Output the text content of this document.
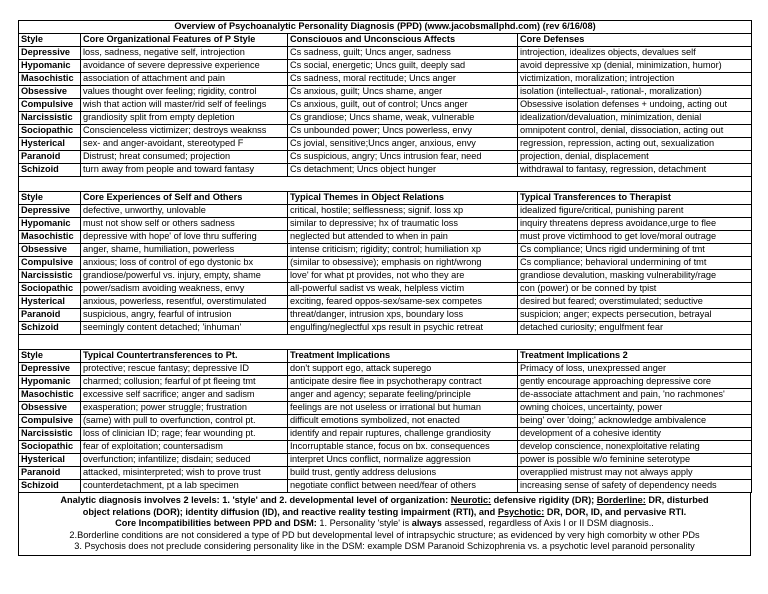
Overview of Psychoanalytic Personality Diagnosis (PPD) (www.jacobsmallphd.com) (rev 6/16/08)			
Style	Core Organizational Features of P Style	Consciouos and Unconscious Affects	Core Defenses
Depressive	loss, sadness, negative self, introjection	Cs sadness, guilt; Uncs anger, sadness	introjection, idealizes objects, devalues self
Hypomanic	avoidance of severe depressive experience	Cs social, energetic; Uncs guilt, deeply sad	avoid depressive xp (denial, minimization, humor)
Masochistic	association of attachment and pain	Cs sadness, moral rectitude; Uncs anger	victimization, moralization; introjection
Obsessive	values thought over feeling; rigidity, control	Cs anxious, guilt; Uncs shame, anger	isolation (intellectual-, rational-, moralization)
Compulsive	wish that action will master/rid self of feelings	Cs anxious, guilt, out of control; Uncs anger	Obsessive isolation defenses + undoing, acting out
Narcissistic	grandiosity split from empty depletion	Cs grandiose; Uncs shame, weak, vulnerable	idealization/devaluation, minimization, denial
Sociopathic	Conscienceless victimizer; destroys weaknss	Cs unbounded power; Uncs powerless, envy	omnipotent control, denial, dissociation, acting out
Hysterical	sex- and anger-avoidant, stereotyped F	Cs jovial, sensitive;Uncs anger, anxious, envy	regression, repression, acting out, sexualization
Paranoid	Distrust; hreat consumed; projection	Cs suspicious, angry; Uncs intrusion fear, need	projection, denial, displacement
Schizoid	turn away from people and toward fantasy	Cs detachment; Uncs object hunger	withdrawal to fantasy, regression, detachment

Style	Core Experiences of Self and Others	Typical Themes in Object Relations	Typical Transferences to Therapist
Depressive	defective, unworthy, unlovable	critical, hostile; selflessness; signif. loss xp	idealized figure/critical, punishing parent
Hypomanic	must not show self or others sadness	similar to depressive; hx of traumatic loss	inquiry threatens depress avoidance,urge to flee
Masochistic	depressive with hope' of love thru suffering	neglected but attended to when in pain	must prove victimhood to get love/moral outrage
Obsessive	anger, shame, humiliation, powerless	intense criticism; rigidity; control; humiliation xp	Cs compliance; Uncs rigid undermining of tmt
Compulsive	anxious; loss of control of ego dystonic bx	(similar to obsessive); emphasis on right/wrong	Cs compliance; behavioral undermining of tmt
Narcissistic	grandiose/powerful vs. injury, empty, shame	love' for what pt provides, not who they are	grandiose devalution, masking vulnerability/rage
Sociopathic	power/sadism avoiding weakness, envy	all-powerful sadist vs weak, helpless victim	con (power) or be conned by tpist
Hysterical	anxious, powerless, resentful, overstimulated	exciting, feared oppos-sex/same-sex competes	desired but feared; overstimulated; seductive
Paranoid	suspicious, angry, fearful of intrusion	threat/danger, intrusion xps, boundary loss	suspicion; anger; expects persecution, betrayal
Schizoid	seemingly content detached; 'inhuman'	engulfing/neglectful xps result in psychic retreat	detached curiosity; engulfment fear

Style	Typical Countertransferences to Pt.	Treatment Implications	Treatment Implications 2
Depressive	protective; rescue fantasy; depressive ID	don't support ego, attack superego	Primacy of loss, unexpressed anger
Hypomanic	charmed; collusion; fearful of pt fleeing tmt	anticipate desire flee in psychotherapy contract	gently encourage approaching depressive core
Masochistic	excessive self sacrifice; anger and sadism	anger and agency; separate feeling/principle	de-associate attachment and pain, 'no rachmones'
Obsessive	exasperation; power struggle; frustration	feelings are not useless or irrational but human	owning choices, uncertainty, power
Compulsive	(same) with pull to overfunction, control pt.	difficult emotions symbolized, not enacted	being' over 'doing;' acknowledge ambivalence
Narcissistic	loss of clinician ID; rage; fear wounding pt.	identify and repair ruptures, challenge grandiosity	development of a cohesive identity
Sociopathic	fear of exploitation; countersadism	Incorruptable stance, focus on bx. consequences	develop conscience, nonexploitative relating
Hysterical	overfunction; infantilize; disdain; seduced	interpret Uncs conflict, normalize aggression	power is possible w/o feminine seterotype
Paranoid	attacked, misinterpreted; wish to prove trust	build trust, gently address delusions	overapplied mistrust may not always apply
Schizoid	counterdetachment, pt a lab specimen	negotiate conflict between need/fear of others	increasing sense of safety of dependency needs
Analytic diagnosis involves 2 levels: 1. 'style' and 2. developmental level of organization: Neurotic: defensive rigidity (DR); Borderline: DR, disturbed
object relations (DOR); identity diffusion (ID), and reactive reality testing impairment (RTI), and Psychotic: DR, DOR, ID, and pervasive RTI.
Core Incompatibilities between PPD and DSM: 1. Personality 'style' is always assessed, regardless of Axis I or II DSM diagnosis..
2.Borderline conditions are not considered a type of PD but developmental level of intrapsychic structure; as evidenced by very high comorbity w other PDs
3. Psychosis does not preclude considering personality like in the DSM: example DSM Paranoid Schizophrenia vs. a psychotic level paranoid personality
